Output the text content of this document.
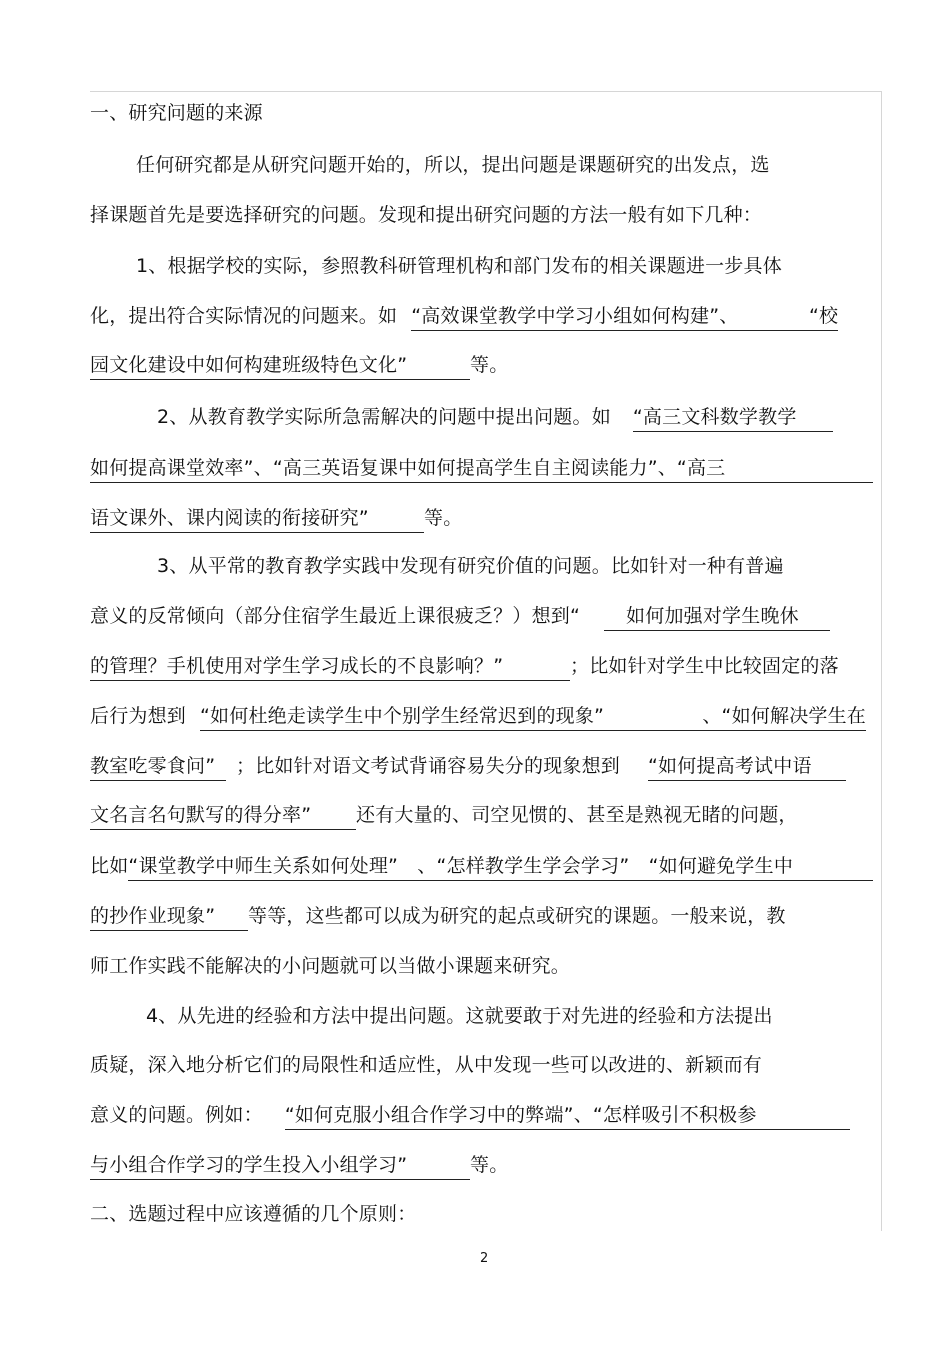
一、研究问题的来源
任何研究都是从研究问题开始的，所以，提出问题是课题研究的出发点，选
择课题首先是要选择研究的问题。发现和提出研究问题的方法一般有如下几种：
1、根据学校的实际，参照教科研管理机构和部门发布的相关课题进一步具体
化，提出符合实际情况的问题来。如 “高效课堂教学中学习小组如何构建”、	“校
园文化建设中如何构建班级特色文化”	等。
2、从教育教学实际所急需解决的问题中提出问题。如 “高三文科数学教学
如何提高课堂效率”、“高三英语复课中如何提高学生自主阅读能力”、“高三
语文课外、课内阅读的衔接研究”	等。
3、从平常的教育教学实践中发现有研究价值的问题。比如针对一种有普遍
意义的反常倾向（部分住宿学生最近上课很疲乏？）想到“ 如何加强对学生晚休
的管理？手机使用对学生学习成长的不良影响？”	；比如针对学生中比较固定的落
后行为想到 “如何杜绝走读学生中个别学生经常迟到的现象”	、“如何解决学生在
教室吃零食问” ；比如针对语文考试背诵容易失分的现象想到 “如何提高考试中语
文名言名句默写的得分率” 还有大量的、司空见惯的、甚至是熟视无睹的问题，
比如“课堂教学中师生关系如何处理”　、“怎样教学生学会学习”　“如何避免学生中
的抄作业现象” 等等，这些都可以成为研究的起点或研究的课题。一般来说，教
师工作实践不能解决的小问题就可以当做小课题来研究。
4、从先进的经验和方法中提出问题。这就要敢于对先进的经验和方法提出
质疑，深入地分析它们的局限性和适应性，从中发现一些可以改进的、新颖而有
意义的问题。例如： “如何克服小组合作学习中的弊端”、“怎样吸引不积极参
与小组合作学习的学生投入小组学习”	等。
二、选题过程中应该遵循的几个原则：
2
